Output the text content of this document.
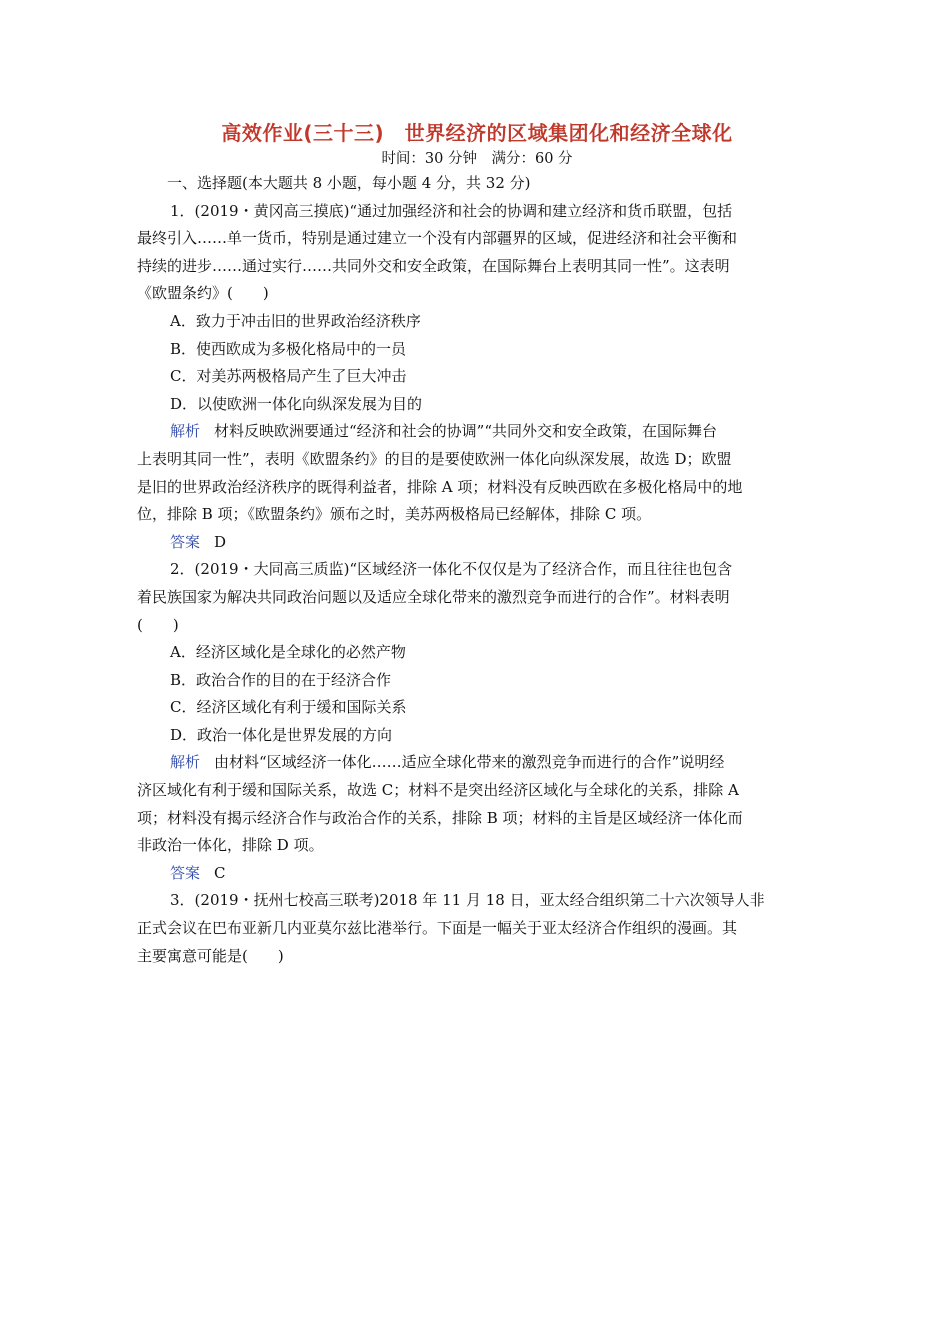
高效作业(三十三)　世界经济的区域集团化和经济全球化

时间：30 分钟　满分：60 分

一、选择题(本大题共 8 小题，每小题 4 分，共 32 分)

1．(2019・黄冈高三摸底)“通过加强经济和社会的协调和建立经济和货币联盟，包括

最终引入……单一货币，特别是通过建立一个没有内部疆界的区域，促进经济和社会平衡和

持续的进步……通过实行……共同外交和安全政策，在国际舞台上表明其同一性”。这表明

《欧盟条约》(　　)

A．致力于冲击旧的世界政治经济秩序

B．使西欧成为多极化格局中的一员

C．对美苏两极格局产生了巨大冲击

D．以使欧洲一体化向纵深发展为目的

解析 材料反映欧洲要通过“经济和社会的协调”“共同外交和安全政策，在国际舞台

上表明其同一性”，表明《欧盟条约》的目的是要使欧洲一体化向纵深发展，故选 D；欧盟

是旧的世界政治经济秩序的既得利益者，排除 A 项；材料没有反映西欧在多极化格局中的地

位，排除 B 项；《欧盟条约》颁布之时，美苏两极格局已经解体，排除 C 项。

答案 D

2．(2019・大同高三质监)“区域经济一体化不仅仅是为了经济合作，而且往往也包含

着民族国家为解决共同政治问题以及适应全球化带来的激烈竞争而进行的合作”。材料表明

(　　)

A．经济区域化是全球化的必然产物

B．政治合作的目的在于经济合作

C．经济区域化有利于缓和国际关系

D．政治一体化是世界发展的方向

解析 由材料“区域经济一体化……适应全球化带来的激烈竞争而进行的合作”说明经

济区域化有利于缓和国际关系，故选 C；材料不是突出经济区域化与全球化的关系，排除 A

项；材料没有揭示经济合作与政治合作的关系，排除 B 项；材料的主旨是区域经济一体化而

非政治一体化，排除 D 项。

答案 C

3．(2019・抚州七校高三联考)2018 年 11 月 18 日，亚太经合组织第二十六次领导人非

正式会议在巴布亚新几内亚莫尔兹比港举行。下面是一幅关于亚太经济合作组织的漫画。其

主要寓意可能是(　　)
